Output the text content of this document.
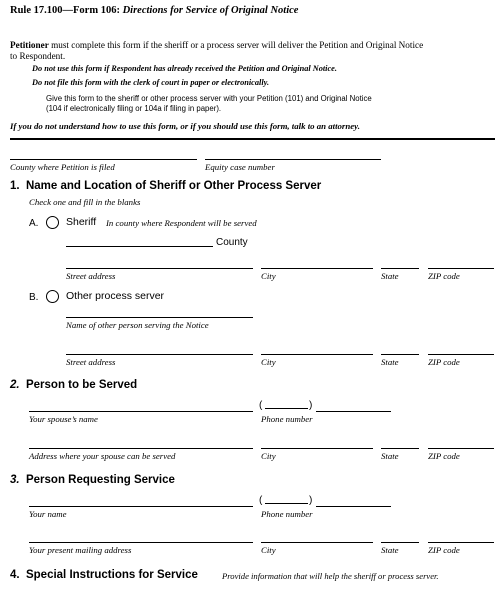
Rule 17.100—Form 106: Directions for Service of Original Notice
Petitioner must complete this form if the sheriff or a process server will deliver the Petition and Original Notice
to Respondent.
Do not use this form if Respondent has already received the Petition and Original Notice.
Do not file this form with the clerk of court in paper or electronically.
Give this form to the sheriff or other process server with your Petition (101) and Original Notice
(104 if electronically filing or 104a if filing in paper).
If you do not understand how to use this form, or if you should use this form, talk to an attorney.
County where Petition is filed	Equity case number
1. Name and Location of Sheriff or Other Process Server
Check one and fill in the blanks
A.	Sheriff In county where Respondent will be served
County
Street address	City	State	ZIP code
B.	Other process server
Name of other person serving the Notice
Street address	City	State	ZIP code
2. Person to be Served
(	)
Your spouse’s name	Phone number
Address where your spouse can be served	City	State	ZIP code
3. Person Requesting Service
(	)
Your name	Phone number
Your present mailing address	City	State	ZIP code
4. Special Instructions for Service	Provide information that will help the sheriff or process server.
